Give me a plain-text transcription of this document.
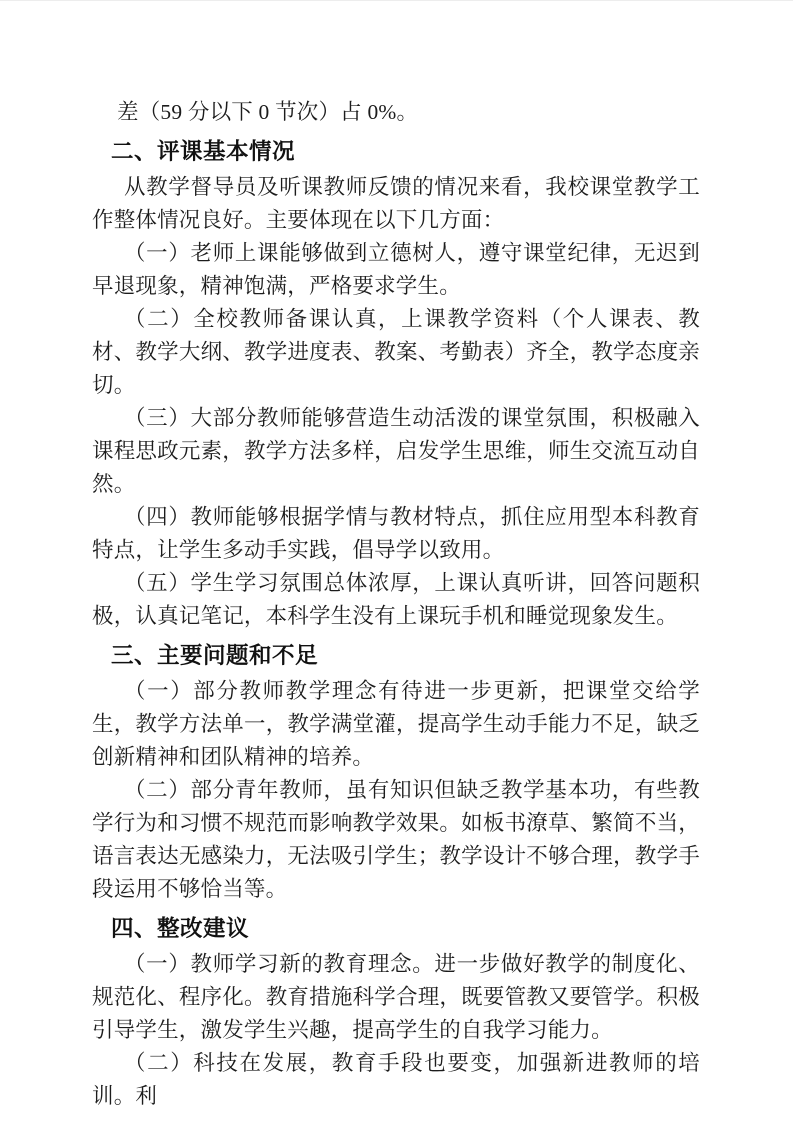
差（59 分以下 0 节次）占 0%。

二、评课基本情况

从教学督导员及听课教师反馈的情况来看，我校课堂教学工作整体情况良好。主要体现在以下几方面：

（一）老师上课能够做到立德树人，遵守课堂纪律，无迟到早退现象，精神饱满，严格要求学生。

（二）全校教师备课认真，上课教学资料（个人课表、教材、教学大纲、教学进度表、教案、考勤表）齐全，教学态度亲切。

（三）大部分教师能够营造生动活泼的课堂氛围，积极融入课程思政元素，教学方法多样，启发学生思维，师生交流互动自然。

（四）教师能够根据学情与教材特点，抓住应用型本科教育特点，让学生多动手实践，倡导学以致用。

（五）学生学习氛围总体浓厚，上课认真听讲，回答问题积极，认真记笔记，本科学生没有上课玩手机和睡觉现象发生。

三、主要问题和不足

（一）部分教师教学理念有待进一步更新，把课堂交给学生，教学方法单一，教学满堂灌，提高学生动手能力不足，缺乏创新精神和团队精神的培养。

（二）部分青年教师，虽有知识但缺乏教学基本功，有些教学行为和习惯不规范而影响教学效果。如板书潦草、繁简不当，语言表达无感染力，无法吸引学生；教学设计不够合理，教学手段运用不够恰当等。

四、整改建议

（一）教师学习新的教育理念。进一步做好教学的制度化、规范化、程序化。教育措施科学合理，既要管教又要管学。积极引导学生，激发学生兴趣，提高学生的自我学习能力。

（二）科技在发展，教育手段也要变，加强新进教师的培训。利
